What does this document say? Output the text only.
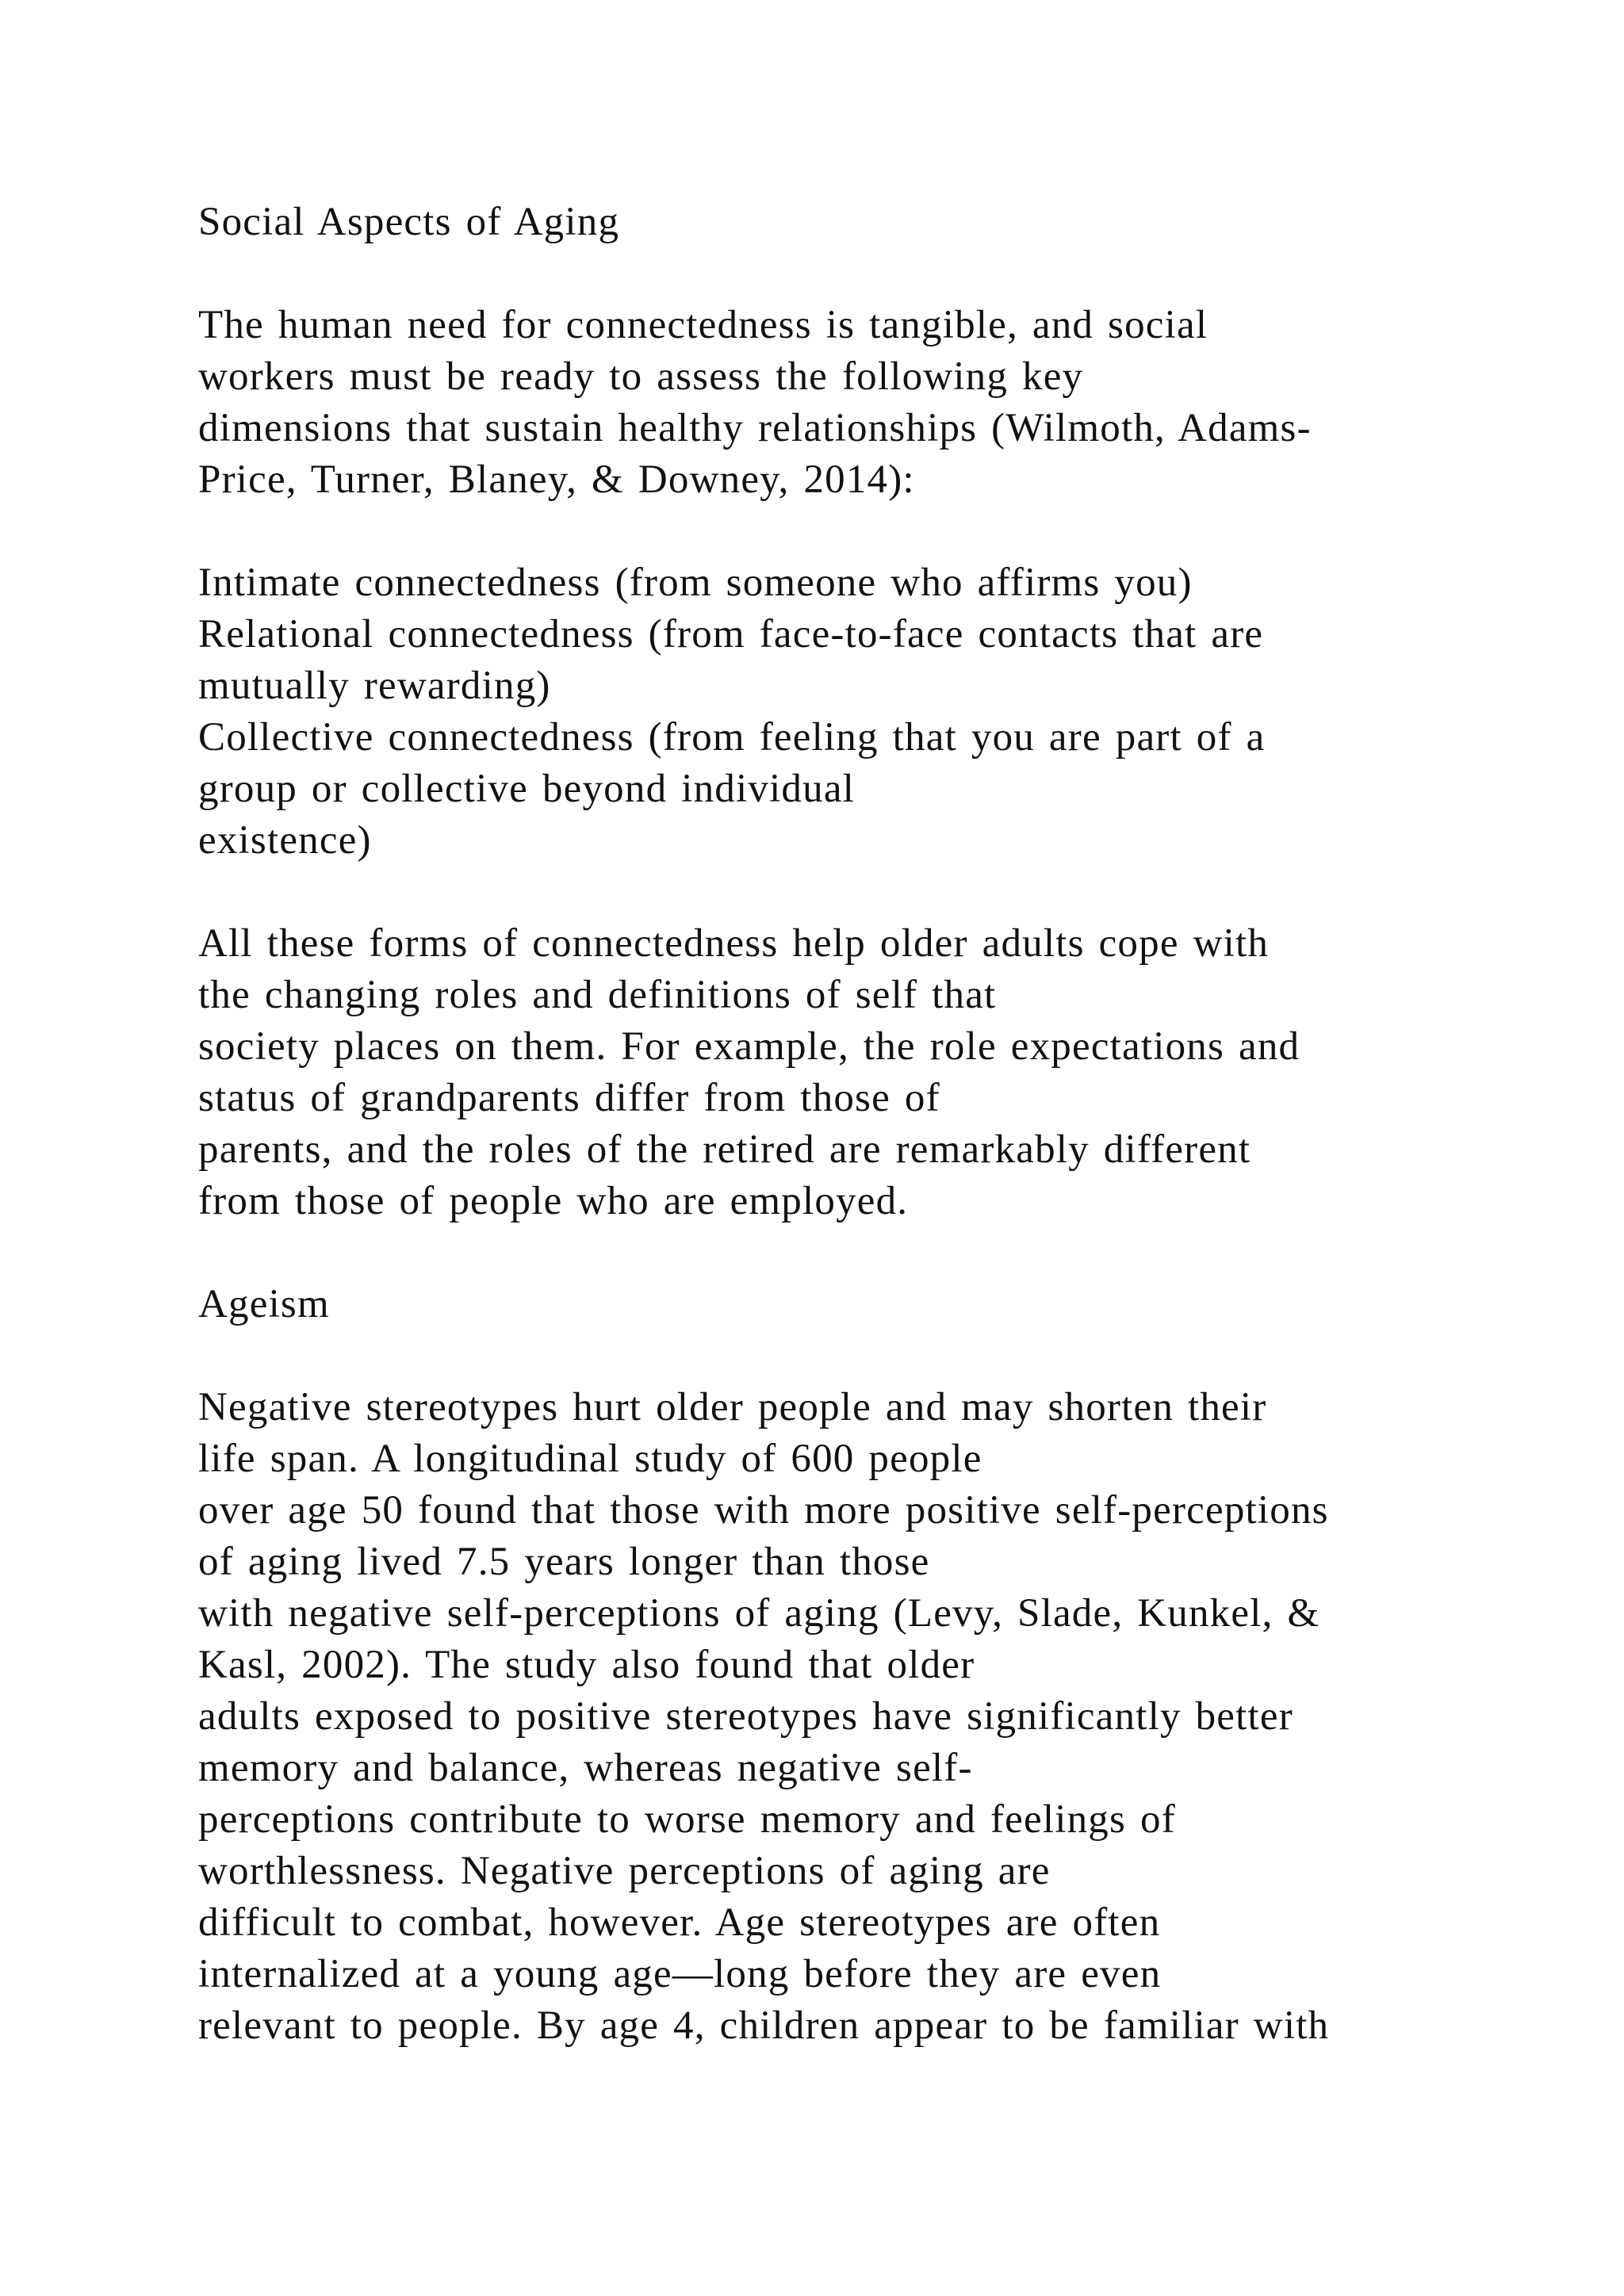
Social Aspects of Aging
The human need for connectedness is tangible, and social
workers must be ready to assess the following key
dimensions that sustain healthy relationships (Wilmoth, Adams-
Price, Turner, Blaney, & Downey, 2014):
Intimate connectedness (from someone who affirms you)
Relational connectedness (from face-to-face contacts that are
mutually rewarding)
Collective connectedness (from feeling that you are part of a
group or collective beyond individual
existence)
All these forms of connectedness help older adults cope with
the changing roles and definitions of self that
society places on them. For example, the role expectations and
status of grandparents differ from those of
parents, and the roles of the retired are remarkably different
from those of people who are employed.
Ageism
Negative stereotypes hurt older people and may shorten their
life span. A longitudinal study of 600 people
over age 50 found that those with more positive self-perceptions
of aging lived 7.5 years longer than those
with negative self-perceptions of aging (Levy, Slade, Kunkel, &
Kasl, 2002). The study also found that older
adults exposed to positive stereotypes have significantly better
memory and balance, whereas negative self-
perceptions contribute to worse memory and feelings of
worthlessness. Negative perceptions of aging are
difficult to combat, however. Age stereotypes are often
internalized at a young age—long before they are even
relevant to people. By age 4, children appear to be familiar with
